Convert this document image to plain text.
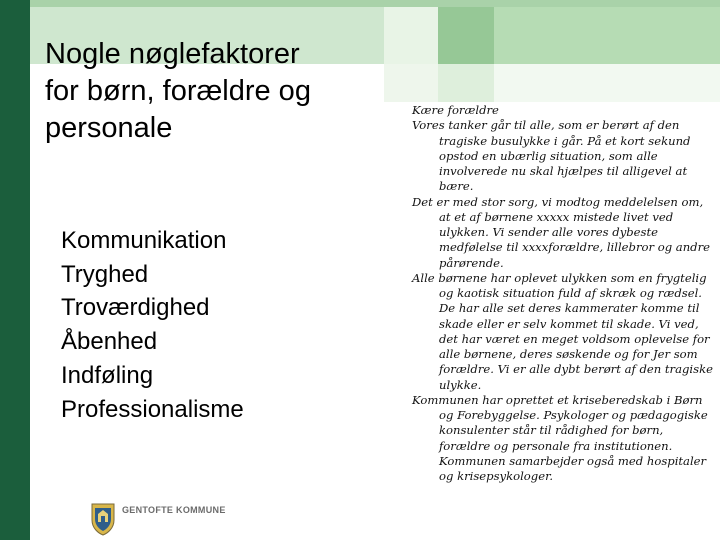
Nogle nøglefaktorer
for børn, forældre og
personale
Kommunikation
Tryghed
Troværdighed
Åbenhed
Indføling
Professionalisme

Kære forældre

Vores tanker går til alle, som er berørt af den tragiske busulykke i går. På et kort sekund opstod en ubærlig situation, som alle involverede nu skal hjælpes til alligevel at bære.

Det er med stor sorg, vi modtog meddelelsen om, at et af børnene xxxxx mistede livet ved ulykken. Vi sender alle vores dybeste medfølelse til xxxxforældre, lillebror og andre pårørende.

Alle børnene har oplevet ulykken som en frygtelig og kaotisk situation fuld af skræk og rædsel. De har alle set deres kammerater komme til skade eller er selv kommet til skade. Vi ved, det har været en meget voldsom oplevelse for alle børnene, deres søskende og for Jer som forældre. Vi er alle dybt berørt af den tragiske ulykke.

Kommunen har oprettet et kriseberedskab i Børn og Forebyggelse. Psykologer og pædagogiske konsulenter står til rådighed for børn, forældre og personale fra institutionen. Kommunen samarbejder også med hospitaler og krisepsykologer.

GENTOFTE KOMMUNE
